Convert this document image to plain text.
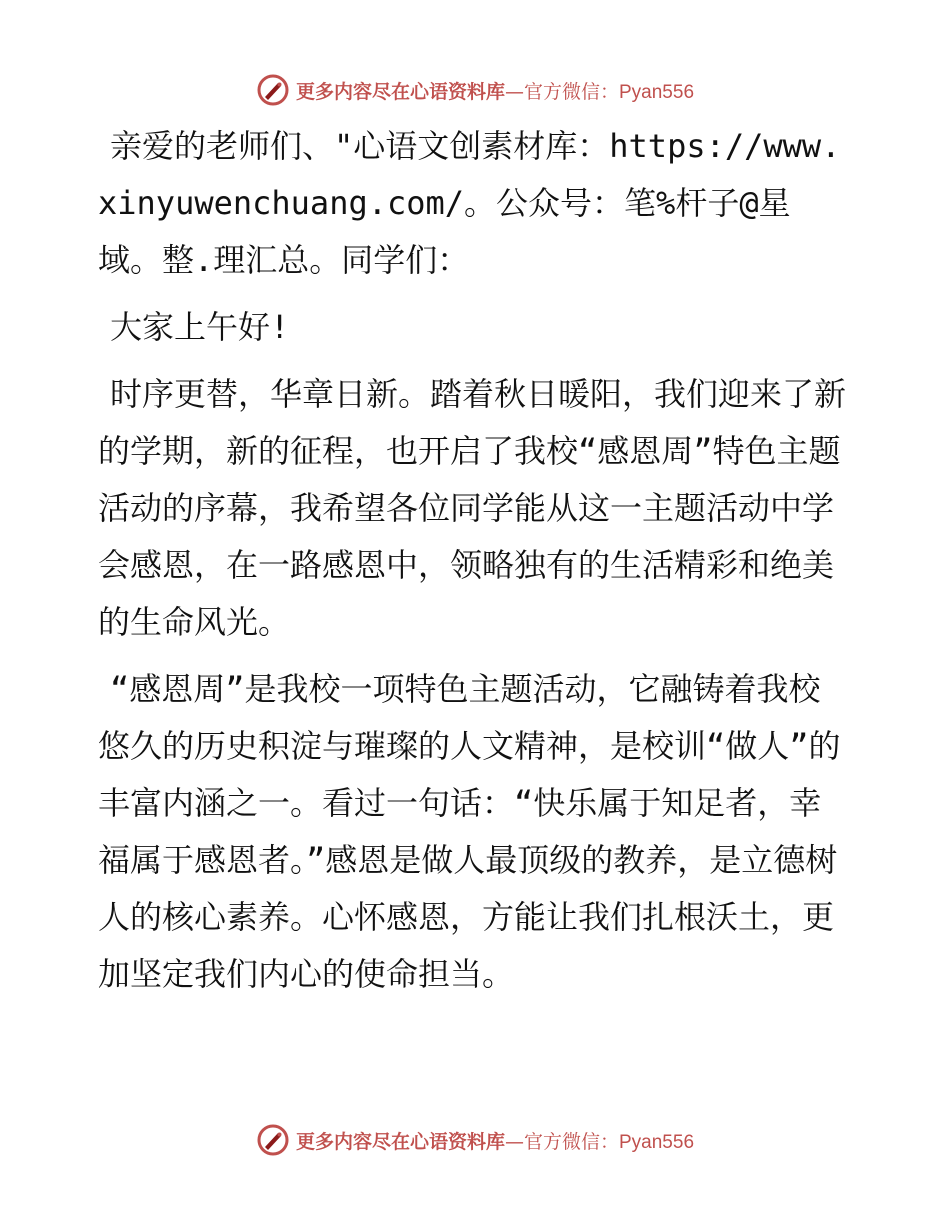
更多内容尽在心语资料库—官方微信：Pyan556

亲爱的老师们、"心语文创素材库：https://www.xinyuwenchuang.com/。公众号：笔%杆子@星域。整.理汇总。同学们：

大家上午好!

时序更替，华章日新。踏着秋日暖阳，我们迎来了新的学期，新的征程，也开启了我校“感恩周”特色主题活动的序幕，我希望各位同学能从这一主题活动中学会感恩，在一路感恩中，领略独有的生活精彩和绝美的生命风光。

“感恩周”是我校一项特色主题活动，它融铸着我校悠久的历史积淀与璀璨的人文精神，是校训“做人”的丰富内涵之一。看过一句话：“快乐属于知足者，幸福属于感恩者。”感恩是做人最顶级的教养，是立德树人的核心素养。心怀感恩，方能让我们扎根沃土，更加坚定我们内心的使命担当。

更多内容尽在心语资料库—官方微信：Pyan556
